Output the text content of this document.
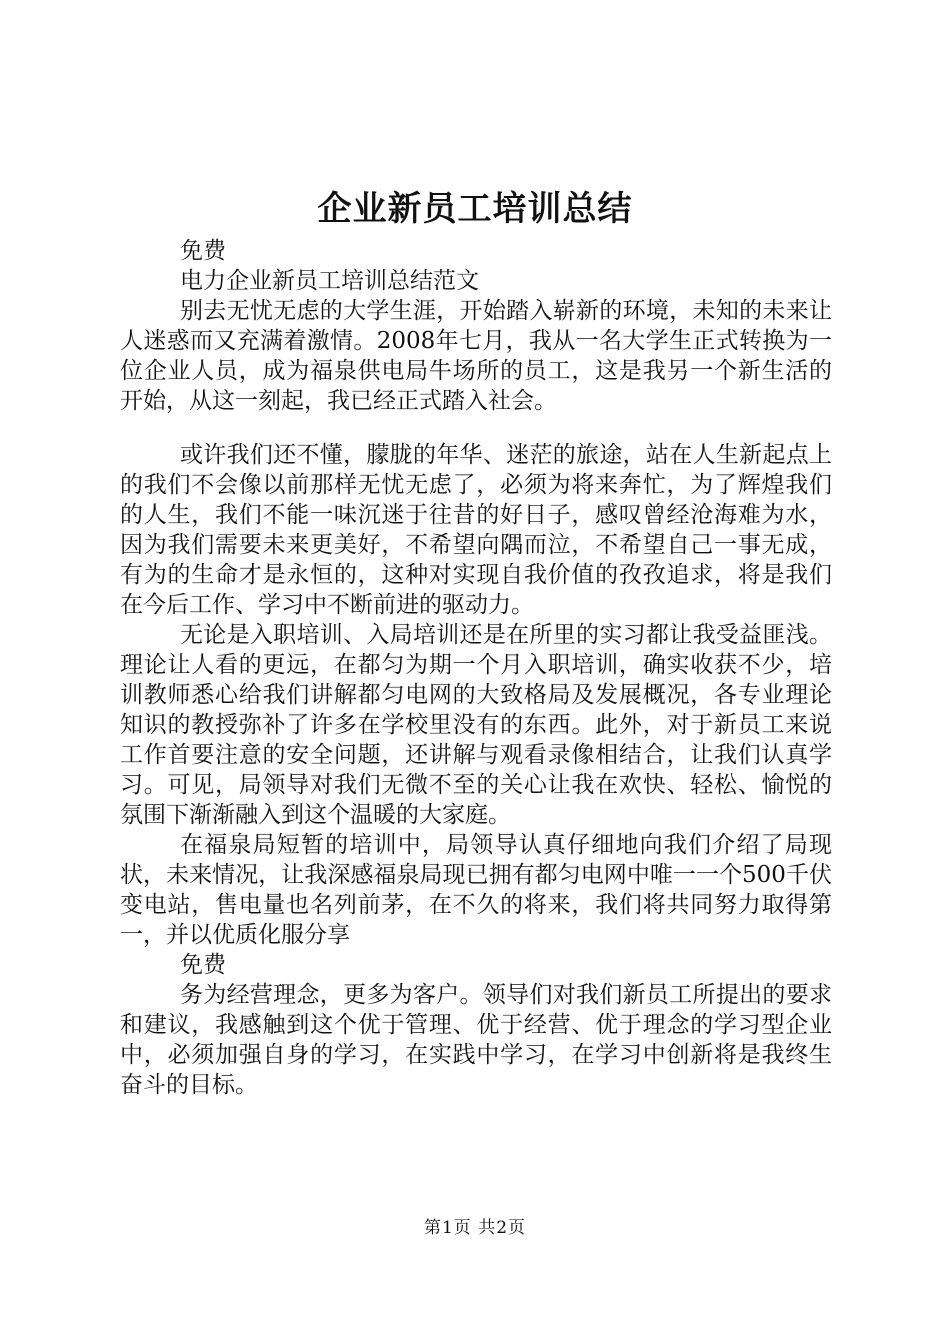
企业新员工培训总结

免费

电力企业新员工培训总结范文

别去无忧无虑的大学生涯，开始踏入崭新的环境，未知的未来让人迷惑而又充满着激情。2008年七月，我从一名大学生正式转换为一位企业人员，成为福泉供电局牛场所的员工，这是我另一个新生活的开始，从这一刻起，我已经正式踏入社会。

或许我们还不懂，朦胧的年华、迷茫的旅途，站在人生新起点上的我们不会像以前那样无忧无虑了，必须为将来奔忙，为了辉煌我们的人生，我们不能一味沉迷于往昔的好日子，感叹曾经沧海难为水，因为我们需要未来更美好，不希望向隅而泣，不希望自己一事无成，有为的生命才是永恒的，这种对实现自我价值的孜孜追求，将是我们在今后工作、学习中不断前进的驱动力。

无论是入职培训、入局培训还是在所里的实习都让我受益匪浅。理论让人看的更远，在都匀为期一个月入职培训，确实收获不少，培训教师悉心给我们讲解都匀电网的大致格局及发展概况，各专业理论知识的教授弥补了许多在学校里没有的东西。此外，对于新员工来说工作首要注意的安全问题，还讲解与观看录像相结合，让我们认真学习。可见，局领导对我们无微不至的关心让我在欢快、轻松、愉悦的氛围下渐渐融入到这个温暖的大家庭。

在福泉局短暂的培训中，局领导认真仔细地向我们介绍了局现状，未来情况，让我深感福泉局现已拥有都匀电网中唯一一个500千伏变电站，售电量也名列前茅，在不久的将来，我们将共同努力取得第一，并以优质化服分享

免费

务为经营理念，更多为客户。领导们对我们新员工所提出的要求和建议，我感触到这个优于管理、优于经营、优于理念的学习型企业中，必须加强自身的学习，在实践中学习，在学习中创新将是我终生奋斗的目标。

第1页 共2页
